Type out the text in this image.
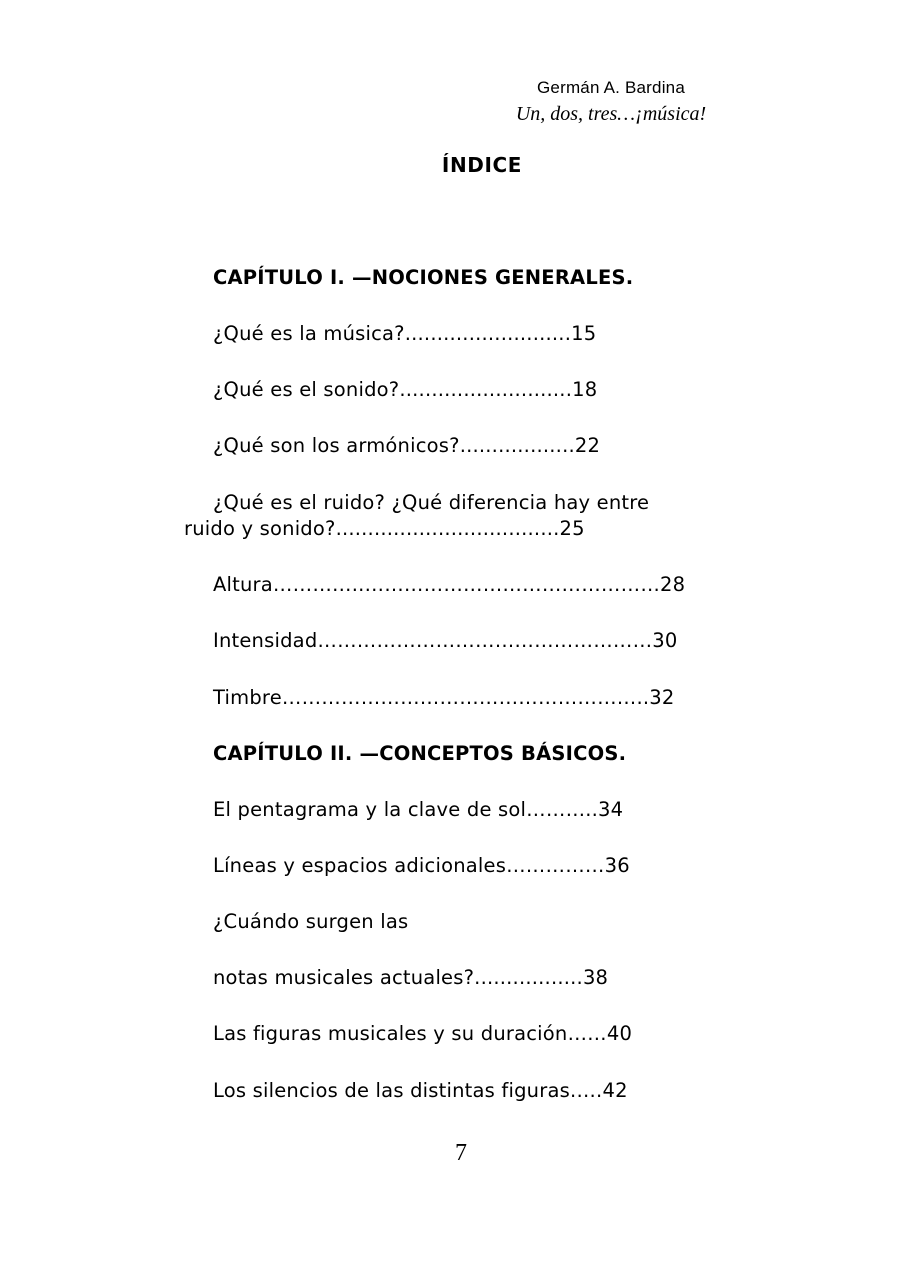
Germán A. Bardina
Un, dos, tres…¡música!
ÍNDICE
CAPÍTULO I. —NOCIONES GENERALES.
¿Qué es la música?..........................15
¿Qué es el sonido?...........................18
¿Qué son los armónicos?..................22
¿Qué es el ruido? ¿Qué diferencia hay entre
ruido y sonido?...................................25
Altura…………..………………………………………28
Intensidad……………………………………………30
Timbre………………………………………………..32
CAPÍTULO II. —CONCEPTOS BÁSICOS.
El pentagrama y la clave de sol………..34
Líneas y espacios adicionales……………36
¿Cuándo surgen las
notas musicales actuales?.................38
Las figuras musicales y su duración……40
Los silencios de las distintas figuras.….42
7
